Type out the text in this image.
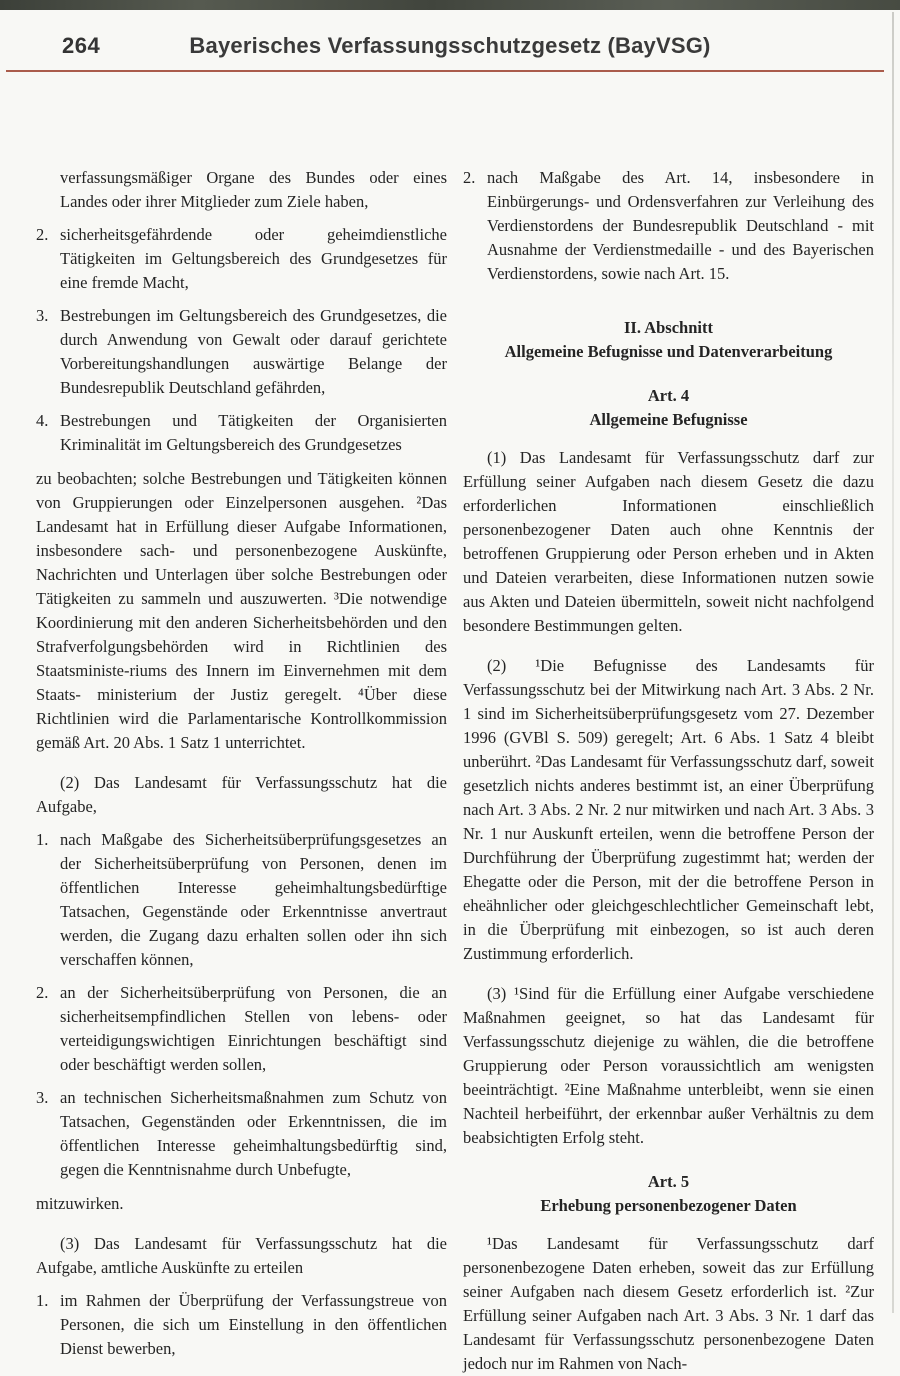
264	Bayerisches Verfassungsschutzgesetz (BayVSG)

verfassungsmäßiger Organe des Bundes oder eines Landes oder ihrer Mitglieder zum Ziele haben,

2. sicherheitsgefährdende oder geheimdienstliche Tätigkeiten im Geltungsbereich des Grundgesetzes für eine fremde Macht,
3. Bestrebungen im Geltungsbereich des Grundgesetzes, die durch Anwendung von Gewalt oder darauf gerichtete Vorbereitungshandlungen auswärtige Belange der Bundesrepublik Deutschland gefährden,
4. Bestrebungen und Tätigkeiten der Organisierten Kriminalität im Geltungsbereich des Grundgesetzes

zu beobachten; solche Bestrebungen und Tätigkeiten können von Gruppierungen oder Einzelpersonen ausgehen. ²Das Landesamt hat in Erfüllung dieser Aufgabe Informationen, insbesondere sach- und personenbezogene Auskünfte, Nachrichten und Unterlagen über solche Bestrebungen oder Tätigkeiten zu sammeln und auszuwerten. ³Die notwendige Koordinierung mit den anderen Sicherheitsbehörden und den Strafverfolgungsbehörden wird in Richtlinien des Staatsministe-riums des Innern im Einvernehmen mit dem Staats- ministerium der Justiz geregelt. ⁴Über diese Richtlinien wird die Parlamentarische Kontrollkommission gemäß Art. 20 Abs. 1 Satz 1 unterrichtet.

(2) Das Landesamt für Verfassungsschutz hat die Aufgabe,

1. nach Maßgabe des Sicherheitsüberprüfungsgesetzes an der Sicherheitsüberprüfung von Personen, denen im öffentlichen Interesse geheimhaltungsbedürftige Tatsachen, Gegenstände oder Erkenntnisse anvertraut werden, die Zugang dazu erhalten sollen oder ihn sich verschaffen können,
2. an der Sicherheitsüberprüfung von Personen, die an sicherheitsempfindlichen Stellen von lebens- oder verteidigungswichtigen Einrichtungen beschäftigt sind oder beschäftigt werden sollen,
3. an technischen Sicherheitsmaßnahmen zum Schutz von Tatsachen, Gegenständen oder Erkenntnissen, die im öffentlichen Interesse geheimhaltungsbedürftig sind, gegen die Kenntnisnahme durch Unbefugte,

mitzuwirken.

(3) Das Landesamt für Verfassungsschutz hat die Aufgabe, amtliche Auskünfte zu erteilen

1. im Rahmen der Überprüfung der Verfassungstreue von Personen, die sich um Einstellung in den öffentlichen Dienst bewerben,
2. nach Maßgabe des Art. 14, insbesondere in Einbürgerungs- und Ordensverfahren zur Verleihung des Verdienstordens der Bundesrepublik Deutschland - mit Ausnahme der Verdienstmedaille - und des Bayerischen Verdienstordens, sowie nach Art. 15.
II. Abschnitt
Allgemeine Befugnisse und Datenverarbeitung
Art. 4
Allgemeine Befugnisse

(1) Das Landesamt für Verfassungsschutz darf zur Erfüllung seiner Aufgaben nach diesem Gesetz die dazu erforderlichen Informationen einschließlich personenbezogener Daten auch ohne Kenntnis der betroffenen Gruppierung oder Person erheben und in Akten und Dateien verarbeiten, diese Informationen nutzen sowie aus Akten und Dateien übermitteln, soweit nicht nachfolgend besondere Bestimmungen gelten.

(2) ¹Die Befugnisse des Landesamts für Verfassungsschutz bei der Mitwirkung nach Art. 3 Abs. 2 Nr. 1 sind im Sicherheitsüberprüfungsgesetz vom 27. Dezember 1996 (GVBl S. 509) geregelt; Art. 6 Abs. 1 Satz 4 bleibt unberührt. ²Das Landesamt für Verfassungsschutz darf, soweit gesetzlich nichts anderes bestimmt ist, an einer Überprüfung nach Art. 3 Abs. 2 Nr. 2 nur mitwirken und nach Art. 3 Abs. 3 Nr. 1 nur Auskunft erteilen, wenn die betroffene Person der Durchführung der Überprüfung zugestimmt hat; werden der Ehegatte oder die Person, mit der die betroffene Person in eheähnlicher oder gleichgeschlechtlicher Gemeinschaft lebt, in die Überprüfung mit einbezogen, so ist auch deren Zustimmung erforderlich.

(3) ¹Sind für die Erfüllung einer Aufgabe verschiedene Maßnahmen geeignet, so hat das Landesamt für Verfassungsschutz diejenige zu wählen, die die betroffene Gruppierung oder Person voraussichtlich am wenigsten beeinträchtigt. ²Eine Maßnahme unterbleibt, wenn sie einen Nachteil herbeiführt, der erkennbar außer Verhältnis zu dem beabsichtigten Erfolg steht.

Art. 5
Erhebung personenbezogener Daten

¹Das Landesamt für Verfassungsschutz darf personenbezogene Daten erheben, soweit das zur Erfüllung seiner Aufgaben nach diesem Gesetz erforderlich ist. ²Zur Erfüllung seiner Aufgaben nach Art. 3 Abs. 3 Nr. 1 darf das Landesamt für Verfassungsschutz personenbezogene Daten jedoch nur im Rahmen von Nach-
